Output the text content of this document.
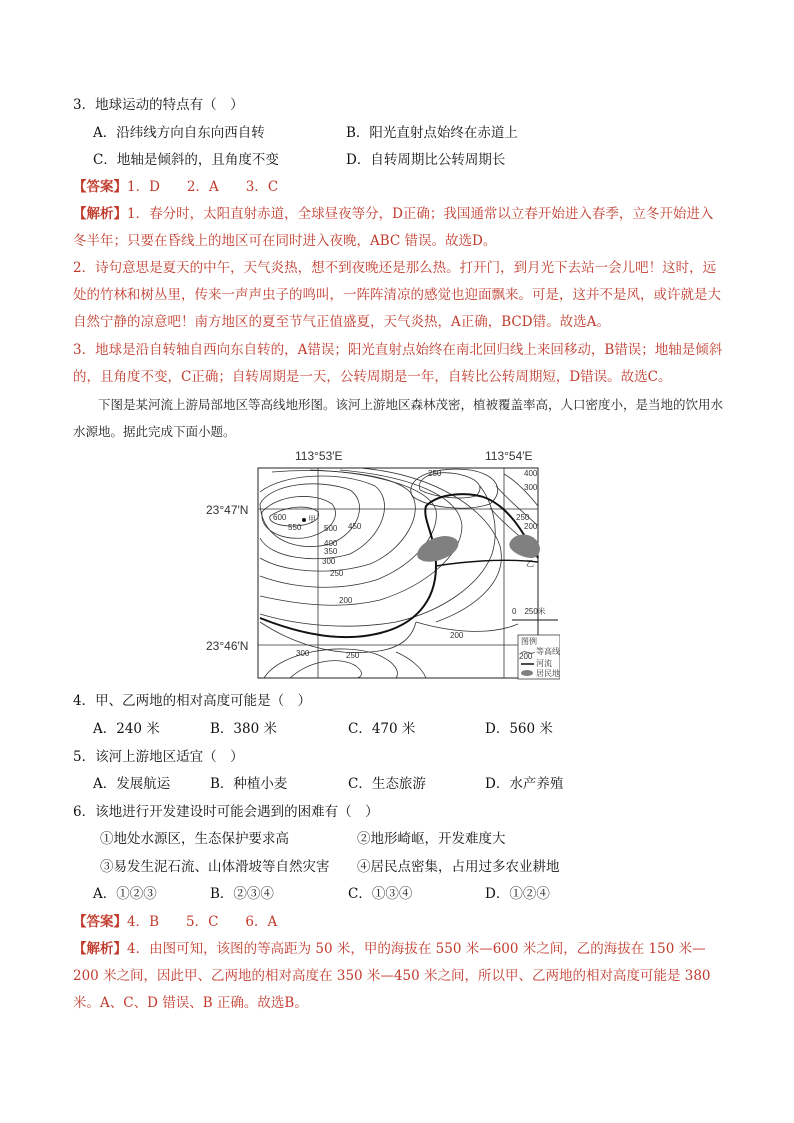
3．地球运动的特点有（　）
A．沿纬线方向自东向西自转	B．阳光直射点始终在赤道上
C．地轴是倾斜的，且角度不变	D．自转周期比公转周期长
【答案】1．D　　2．A　　3．C
【解析】1．春分时，太阳直射赤道，全球昼夜等分，D正确；我国通常以立春开始进入春季，立冬开始进入冬半年；只要在昏线上的地区可在同时进入夜晚，ABC 错误。故选D。
2．诗句意思是夏天的中午，天气炎热，想不到夜晚还是那么热。打开门，到月光下去站一会儿吧！这时，远处的竹林和树丛里，传来一声声虫子的鸣叫，一阵阵清凉的感觉也迎面飘来。可是，这并不是风，或许就是大自然宁静的凉意吧！南方地区的夏至节气正值盛夏，天气炎热，A正确，BCD错。故选A。
3．地球是沿自转轴自西向东自转的，A错误；阳光直射点始终在南北回归线上来回移动，B错误；地轴是倾斜的，且角度不变，C正确；自转周期是一天，公转周期是一年，自转比公转周期短，D错误。故选C。
下图是某河流上游局部地区等高线地形图。该河上游地区森林茂密，植被覆盖率高，人口密度小，是当地的饮用水水源地。据此完成下面小题。
113°53′E	113°54′E
23°47′N
23°46′N
甲
乙
600
550	500 450
400
350
300
250
200
250	400
300
250
200
200
300	250
0　250米
图例
等高线
200
河流
居民地
4．甲、乙两地的相对高度可能是（　）
A．240 米	B．380 米	C．470 米	D．560 米
5．该河上游地区适宜（　）
A．发展航运	B．种植小麦	C．生态旅游	D．水产养殖
6．该地进行开发建设时可能会遇到的困难有（　）
①地处水源区，生态保护要求高	②地形崎岖，开发难度大
③易发生泥石流、山体滑坡等自然灾害 ④居民点密集，占用过多农业耕地
A．①②③	B．②③④	C．①③④	D．①②④
【答案】4．B　　5．C　　6．A
【解析】4．由图可知，该图的等高距为 50 米，甲的海拔在 550 米—600 米之间，乙的海拔在 150 米—200 米之间，因此甲、乙两地的相对高度在 350 米—450 米之间，所以甲、乙两地的相对高度可能是 380 米。A、C、D 错误、B 正确。故选B。
